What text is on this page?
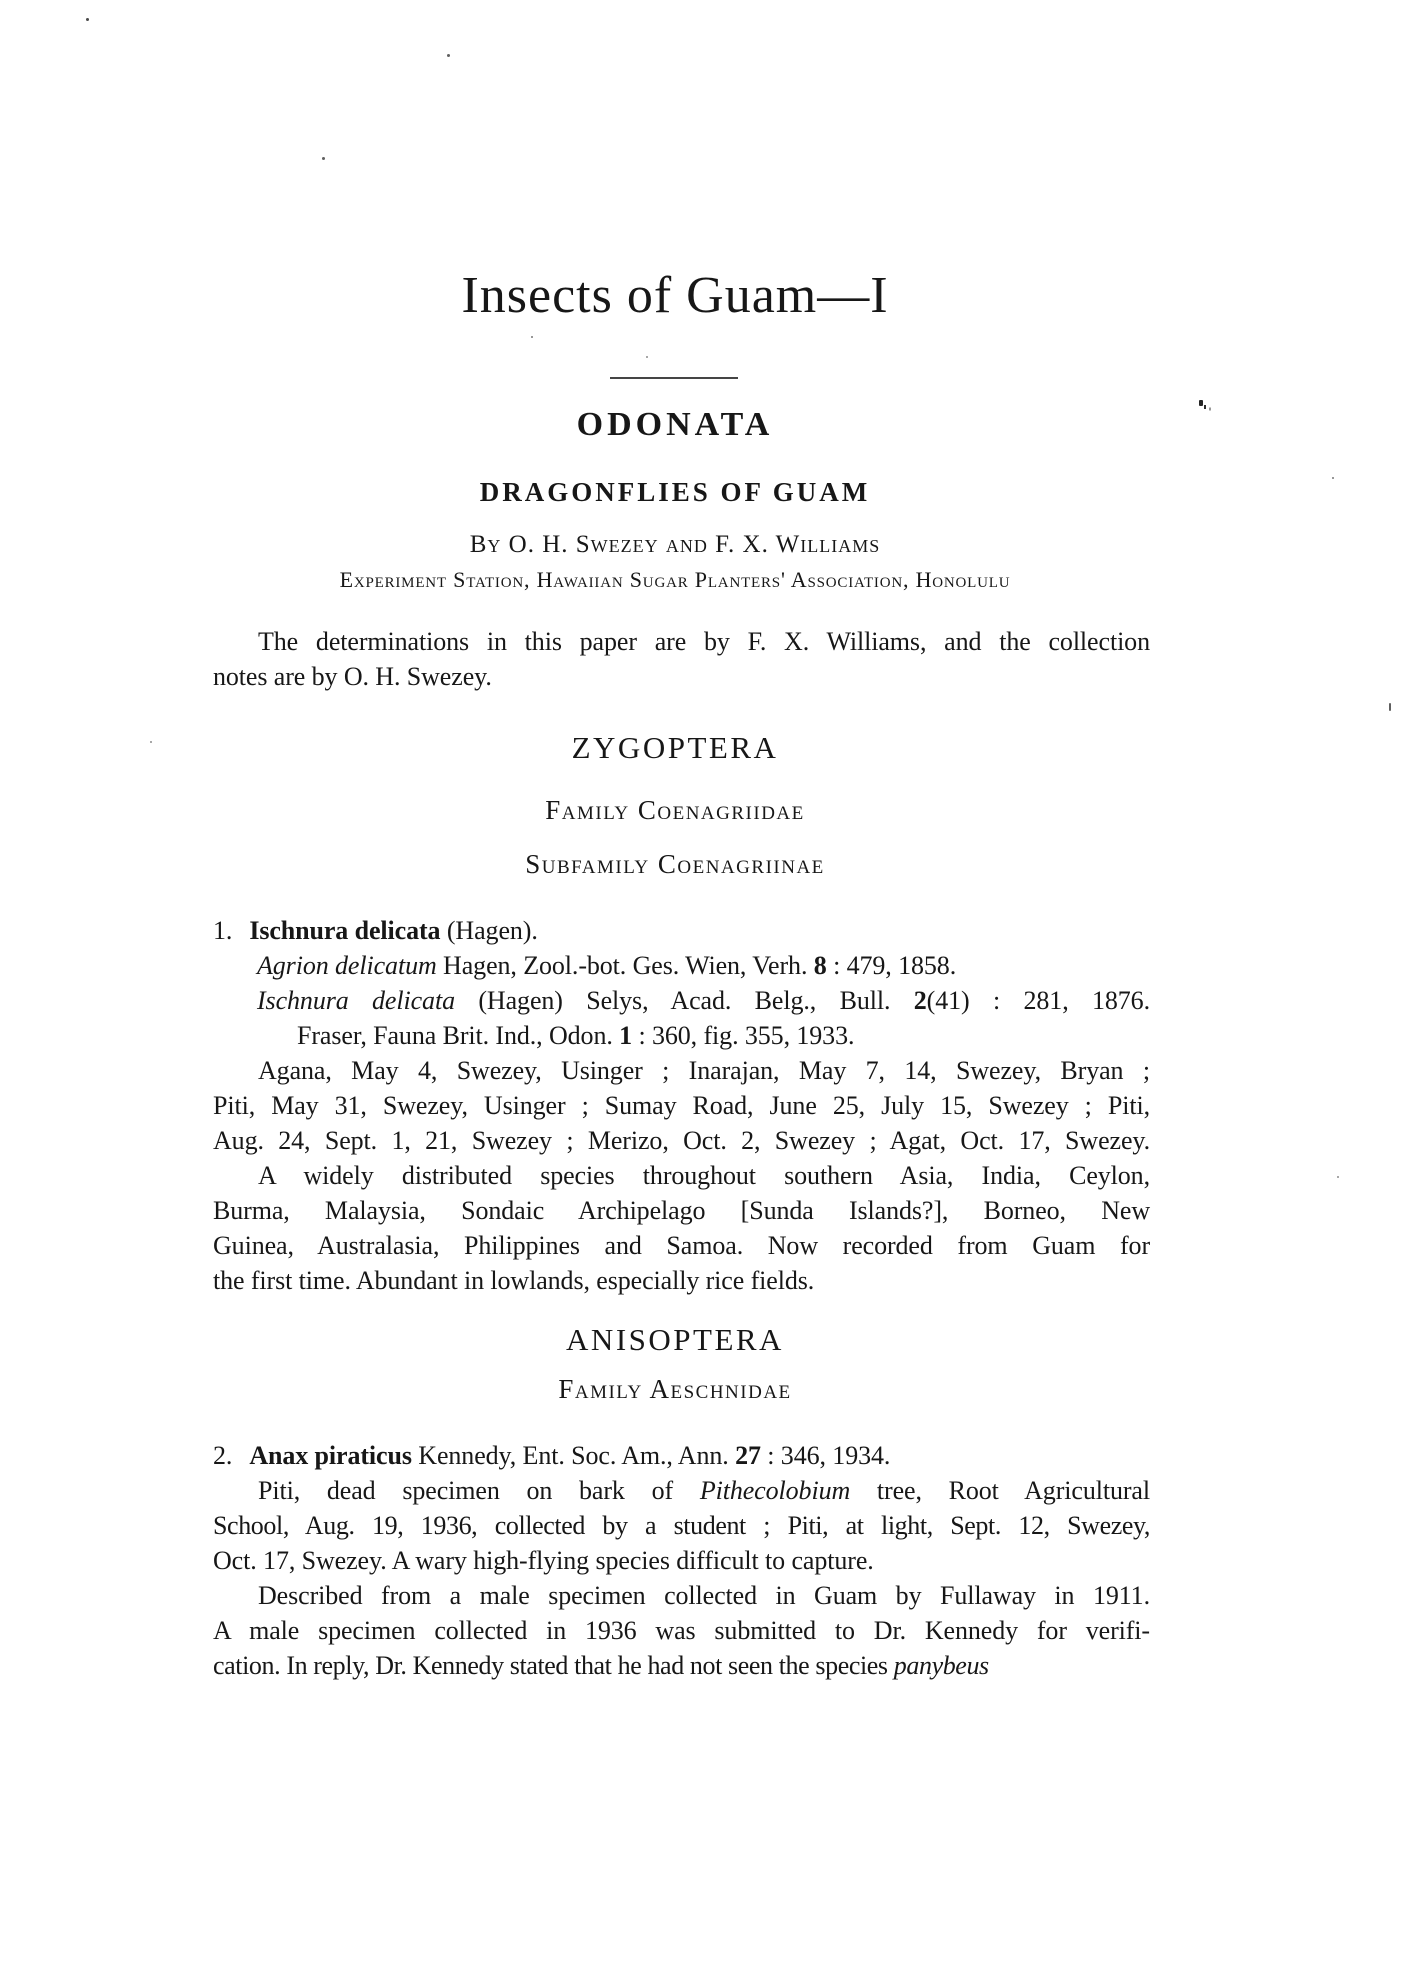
Insects of Guam—I
ODONATA
DRAGONFLIES OF GUAM
By O. H. Swezey and F. X. Williams
Experiment Station, Hawaiian Sugar Planters' Association, Honolulu
The determinations in this paper are by F. X. Williams, and the collection
notes are by O. H. Swezey.
ZYGOPTERA
Family Coenagriidae
Subfamily Coenagriinae
1. Ischnura delicata (Hagen).
Agrion delicatum Hagen, Zool.-bot. Ges. Wien, Verh. 8 : 479, 1858.
Ischnura delicata (Hagen) Selys, Acad. Belg., Bull. 2(41) : 281, 1876.
Fraser, Fauna Brit. Ind., Odon. 1 : 360, fig. 355, 1933.
Agana, May 4, Swezey, Usinger ; Inarajan, May 7, 14, Swezey, Bryan ;
Piti, May 31, Swezey, Usinger ; Sumay Road, June 25, July 15, Swezey ; Piti,
Aug. 24, Sept. 1, 21, Swezey ; Merizo, Oct. 2, Swezey ; Agat, Oct. 17, Swezey.
A widely distributed species throughout southern Asia, India, Ceylon,
Burma, Malaysia, Sondaic Archipelago [Sunda Islands?], Borneo, New
Guinea, Australasia, Philippines and Samoa. Now recorded from Guam for
the first time. Abundant in lowlands, especially rice fields.
ANISOPTERA
Family Aeschnidae
2. Anax piraticus Kennedy, Ent. Soc. Am., Ann. 27 : 346, 1934.
Piti, dead specimen on bark of Pithecolobium tree, Root Agricultural
School, Aug. 19, 1936, collected by a student ; Piti, at light, Sept. 12, Swezey,
Oct. 17, Swezey. A wary high-flying species difficult to capture.
Described from a male specimen collected in Guam by Fullaway in 1911.
A male specimen collected in 1936 was submitted to Dr. Kennedy for verifi-
cation. In reply, Dr. Kennedy stated that he had not seen the species panybeus
